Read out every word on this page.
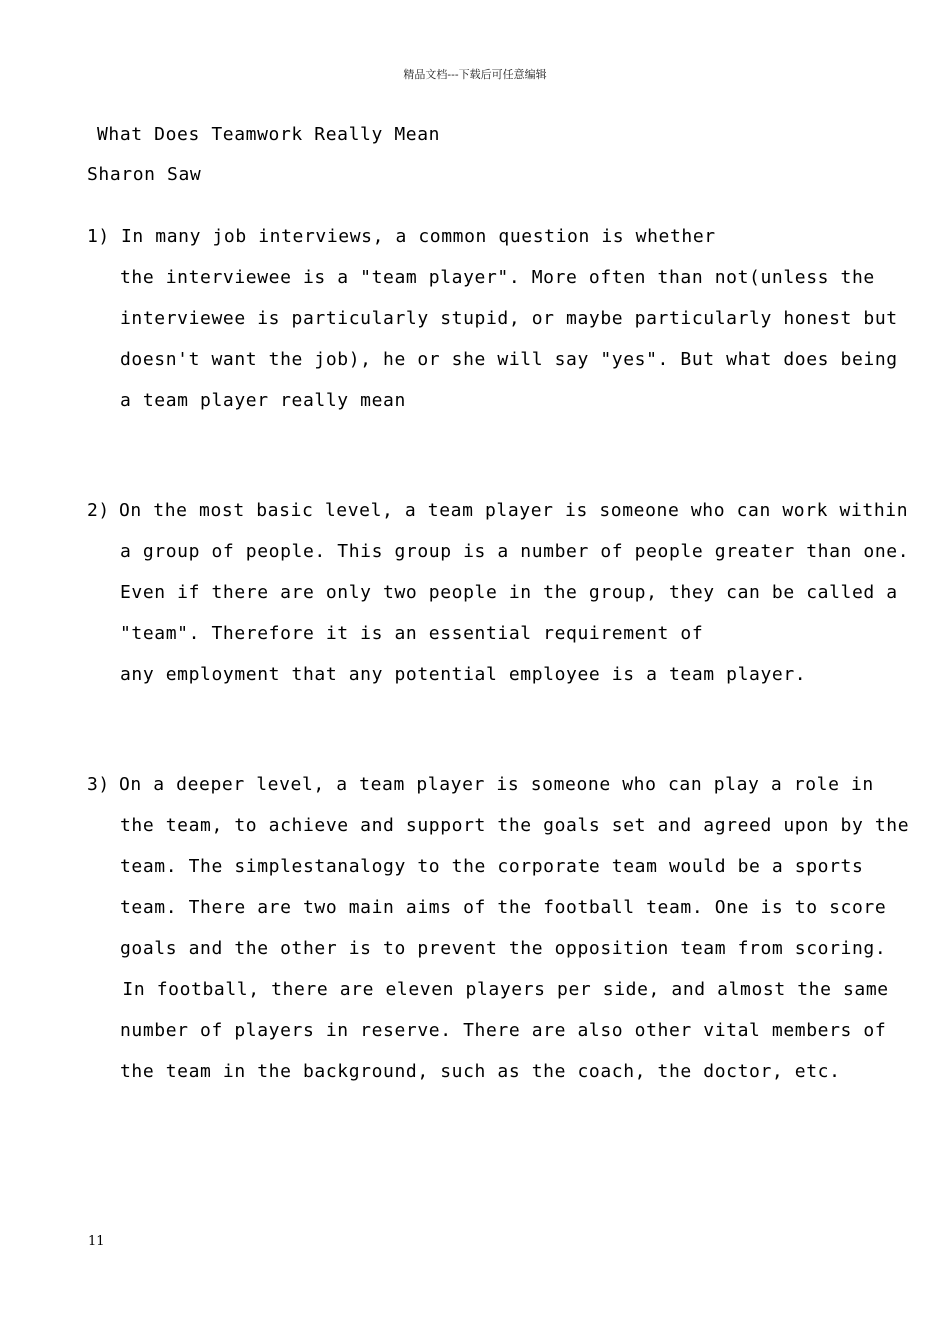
精品文档---下载后可任意编辑
What Does Teamwork Really Mean
Sharon Saw
1) In many job interviews, a common question is whether
the interviewee is a "team player". More often than not(unless the
interviewee is particularly stupid, or maybe particularly honest but
doesn't want the job), he or she will say "yes". But what does being
a team player really mean
2) On the most basic level, a team player is someone who can work within
a group of people. This group is a number of people greater than one.
Even if there are only two people in the group, they can be called a
"team". Therefore it is an essential requirement of
any employment that any potential employee is a team player.
3) On a deeper level, a team player is someone who can play a role in
the team, to achieve and support the goals set and agreed upon by the
team. The simplestanalogy to the corporate team would be a sports
team. There are two main aims of the football team. One is to score
goals and the other is to prevent the opposition team from scoring.
In football, there are eleven players per side, and almost the same
number of players in reserve. There are also other vital members of
the team in the background, such as the coach, the doctor, etc.
11
